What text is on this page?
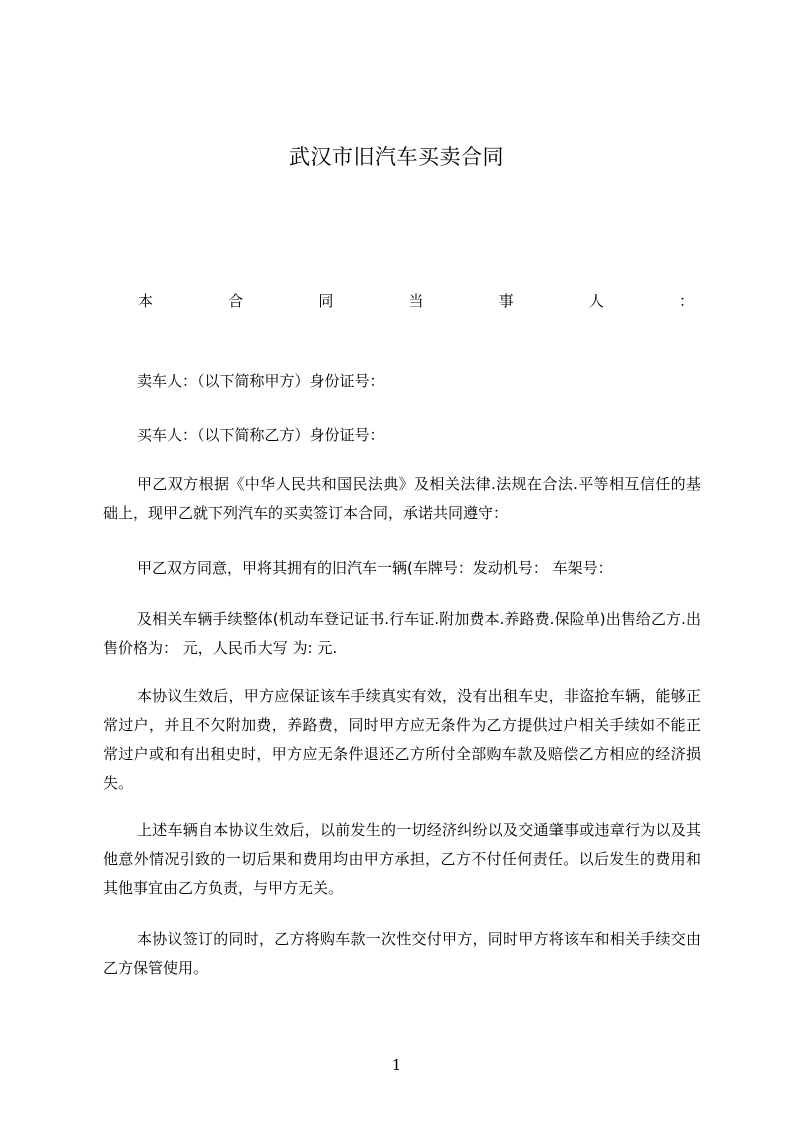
武汉市旧汽车买卖合同
本	合	同	当	事	人	：

卖车人：（以下简称甲方）身份证号：

买车人：（以下简称乙方）身份证号：

甲乙双方根据《中华人民共和国民法典》及相关法律.法规在合法.平等相互信任的基础上，现甲乙就下列汽车的买卖签订本合同，承诺共同遵守：

甲乙双方同意，甲将其拥有的旧汽车一辆(车牌号：发动机号： 车架号：

及相关车辆手续整体(机动车登记证书.行车证.附加费本.养路费.保险单)出售给乙方.出售价格为： 元，人民币大写 为: 元.

本协议生效后，甲方应保证该车手续真实有效，没有出租车史，非盗抢车辆，能够正常过户，并且不欠附加费，养路费，同时甲方应无条件为乙方提供过户相关手续如不能正常过户或和有出租史时，甲方应无条件退还乙方所付全部购车款及赔偿乙方相应的经济损失。

上述车辆自本协议生效后，以前发生的一切经济纠纷以及交通肇事或违章行为以及其他意外情况引致的一切后果和费用均由甲方承担，乙方不付任何责任。以后发生的费用和其他事宜由乙方负责，与甲方无关。

本协议签订的同时，乙方将购车款一次性交付甲方，同时甲方将该车和相关手续交由乙方保管使用。

1
